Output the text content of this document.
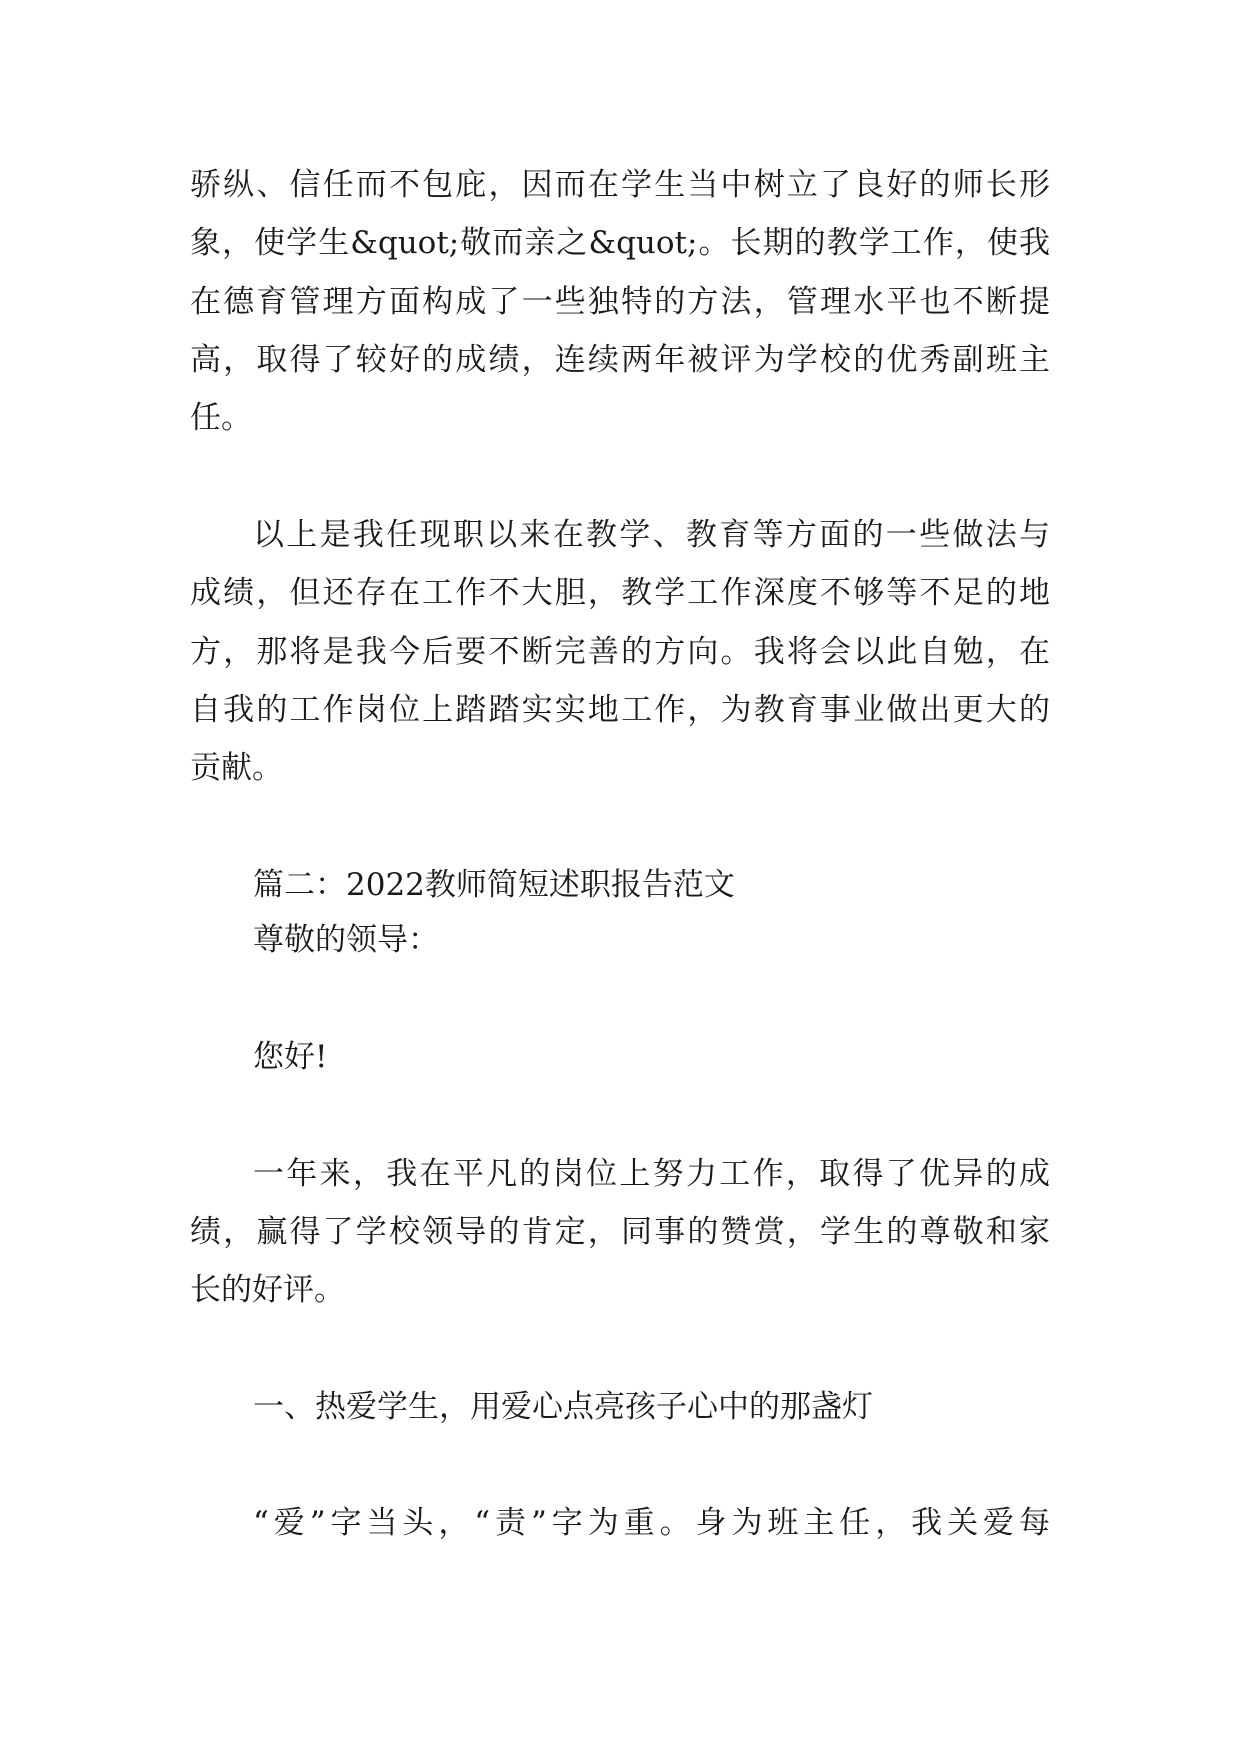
骄纵、信任而不包庇，因而在学生当中树立了良好的师长形
象，使学生&quot;敬而亲之&quot;。长期的教学工作，使我
在德育管理方面构成了一些独特的方法，管理水平也不断提
高，取得了较好的成绩，连续两年被评为学校的优秀副班主
任。
以上是我任现职以来在教学、教育等方面的一些做法与
成绩，但还存在工作不大胆，教学工作深度不够等不足的地
方，那将是我今后要不断完善的方向。我将会以此自勉，在
自我的工作岗位上踏踏实实地工作，为教育事业做出更大的
贡献。
篇二：2022教师简短述职报告范文
尊敬的领导：
您好!
一年来，我在平凡的岗位上努力工作，取得了优异的成
绩，赢得了学校领导的肯定，同事的赞赏，学生的尊敬和家
长的好评。
一、热爱学生，用爱心点亮孩子心中的那盏灯
“爱”字当头，“责”字为重。身为班主任，我关爱每
